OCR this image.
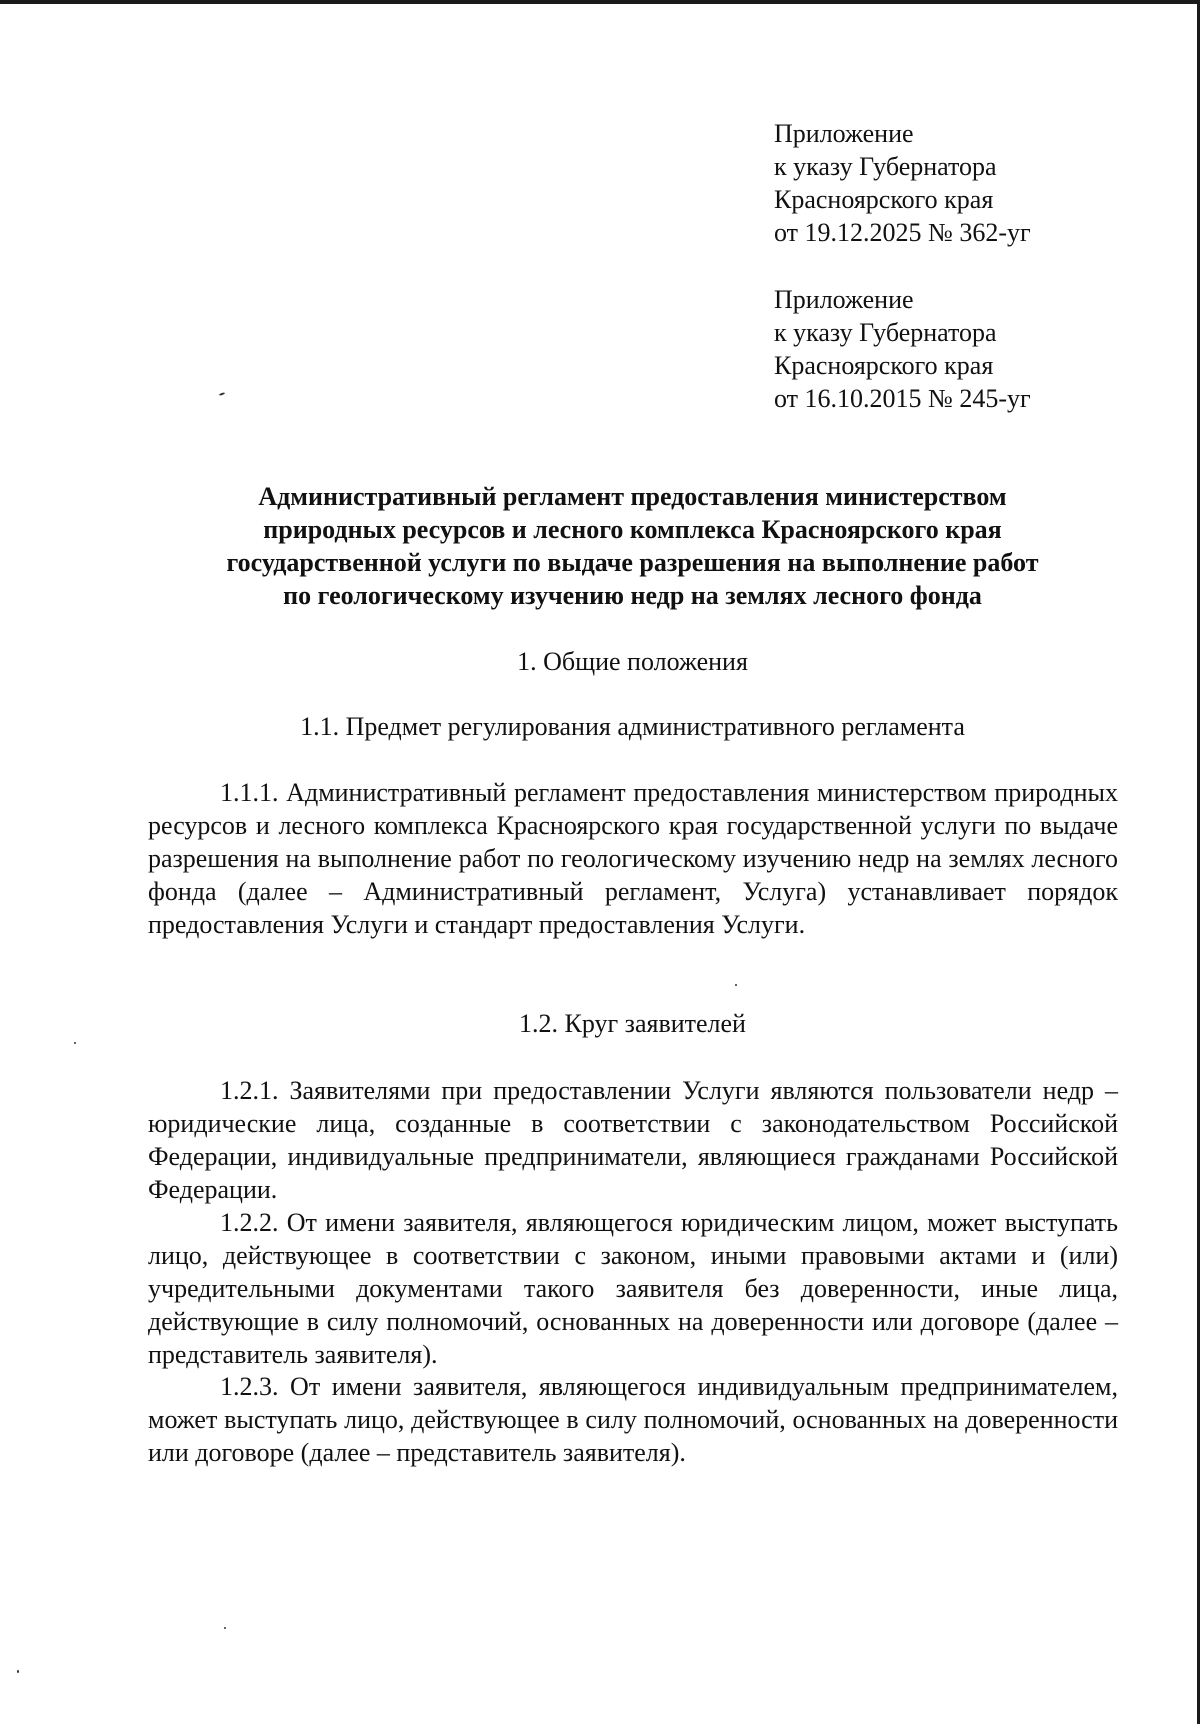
Приложение
к указу Губернатора
Красноярского края
от 19.12.2025 № 362-уг
Приложение
к указу Губернатора
Красноярского края
от 16.10.2015 № 245-уг
Административный регламент предоставления министерством
природных ресурсов и лесного комплекса Красноярского края
государственной услуги по выдаче разрешения на выполнение работ
по геологическому изучению недр на землях лесного фонда
1. Общие положения
1.1. Предмет регулирования административного регламента

1.1.1. Административный регламент предоставления министерством природных ресурсов и лесного комплекса Красноярского края государственной услуги по выдаче разрешения на выполнение работ по геологическому изучению недр на землях лесного фонда (далее – Административный регламент, Услуга) устанавливает порядок предоставления Услуги и стандарт предоставления Услуги.

1.2. Круг заявителей

1.2.1. Заявителями при предоставлении Услуги являются пользователи недр – юридические лица, созданные в соответствии с законодательством Российской Федерации, индивидуальные предприниматели, являющиеся гражданами Российской Федерации.

1.2.2. От имени заявителя, являющегося юридическим лицом, может выступать лицо, действующее в соответствии с законом, иными правовыми актами и (или) учредительными документами такого заявителя без доверенности, иные лица, действующие в силу полномочий, основанных на доверенности или договоре (далее – представитель заявителя).

1.2.3. От имени заявителя, являющегося индивидуальным предпринимателем, может выступать лицо, действующее в силу полномочий, основанных на доверенности или договоре (далее – представитель заявителя).
